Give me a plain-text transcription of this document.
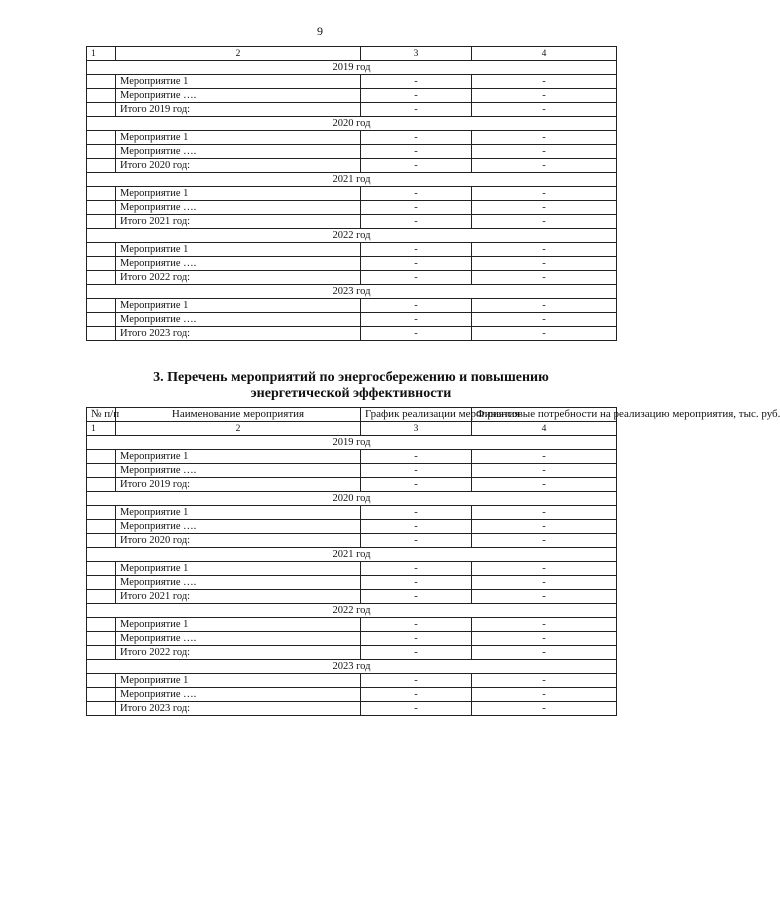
9
1	2	3	4
2019 год			
	Мероприятие 1	-	-
	Мероприятие ….	-	-
	Итого 2019 год:	-	-
2020 год			
	Мероприятие 1	-	-
	Мероприятие ….	-	-
	Итого 2020 год:	-	-
2021 год			
	Мероприятие 1	-	-
	Мероприятие ….	-	-
	Итого 2021 год:	-	-
2022 год			
	Мероприятие 1	-	-
	Мероприятие ….	-	-
	Итого 2022 год:	-	-
2023 год			
	Мероприятие 1	-	-
	Мероприятие ….	-	-
	Итого 2023 год:	-	-
3. Перечень мероприятий по энергосбережению и повышению
энергетической эффективности
№ п/п	Наименование мероприятия	График реализации мероприятия	Финансовые потребности на реализацию мероприятия, тыс. руб.
1	2	3	4
2019 год			
	Мероприятие 1	-	-
	Мероприятие ….	-	-
	Итого 2019 год:	-	-
2020 год			
	Мероприятие 1	-	-
	Мероприятие ….	-	-
	Итого 2020 год:	-	-
2021 год			
	Мероприятие 1	-	-
	Мероприятие ….	-	-
	Итого 2021 год:	-	-
2022 год			
	Мероприятие 1	-	-
	Мероприятие ….	-	-
	Итого 2022 год:	-	-
2023 год			
	Мероприятие 1	-	-
	Мероприятие ….	-	-
	Итого 2023 год:	-	-
